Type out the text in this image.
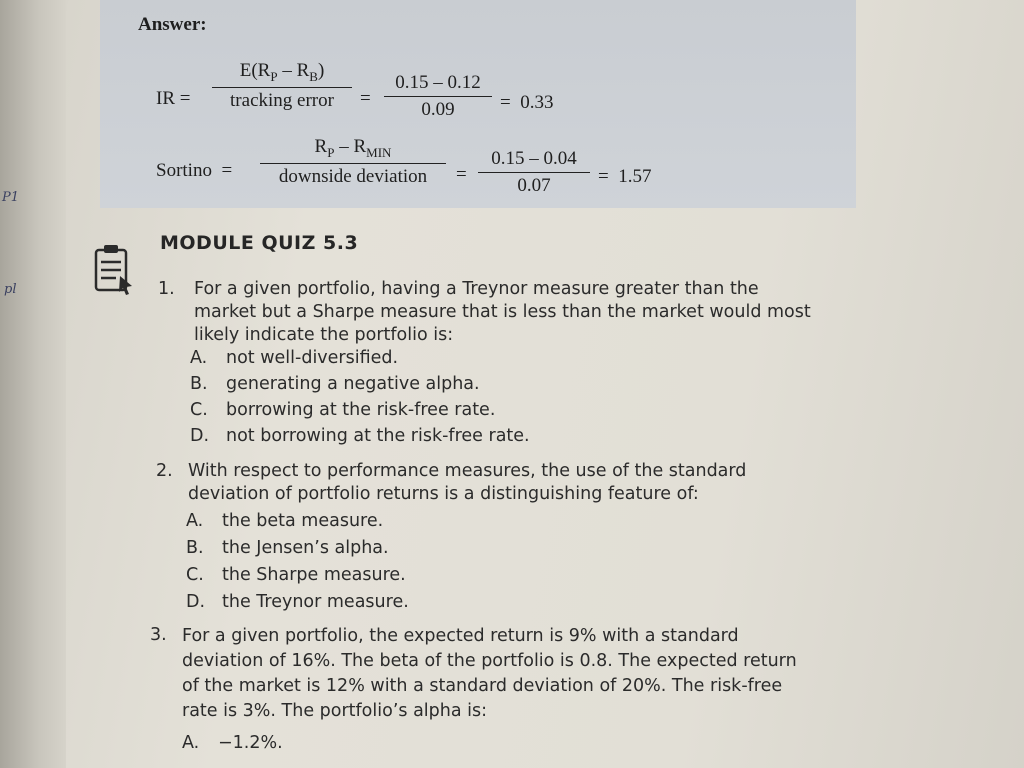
P1
pl
Answer:
IR =
$E(R_P - R_B)$
tracking error	=
0.15 – 0.12
0.09	= 0.33
Sortino =
$R_P - R_{MIN}$
downside deviation	=
0.15 – 0.04
0.07	= 1.57
MODULE QUIZ 5.3
1. For a given portfolio, having a Treynor measure greater than the
market but a Sharpe measure that is less than the market would most
likely indicate the portfolio is:
A. not well-diversified.
B. generating a negative alpha.
C. borrowing at the risk-free rate.
D. not borrowing at the risk-free rate.
2. With respect to performance measures, the use of the standard
deviation of portfolio returns is a distinguishing feature of:
A. the beta measure.
B. the Jensen’s alpha.
C. the Sharpe measure.
D. the Treynor measure.
3. For a given portfolio, the expected return is 9% with a standard
deviation of 16%. The beta of the portfolio is 0.8. The expected return
of the market is 12% with a standard deviation of 20%. The risk-free
rate is 3%. The portfolio’s alpha is:
A. −1.2%.
